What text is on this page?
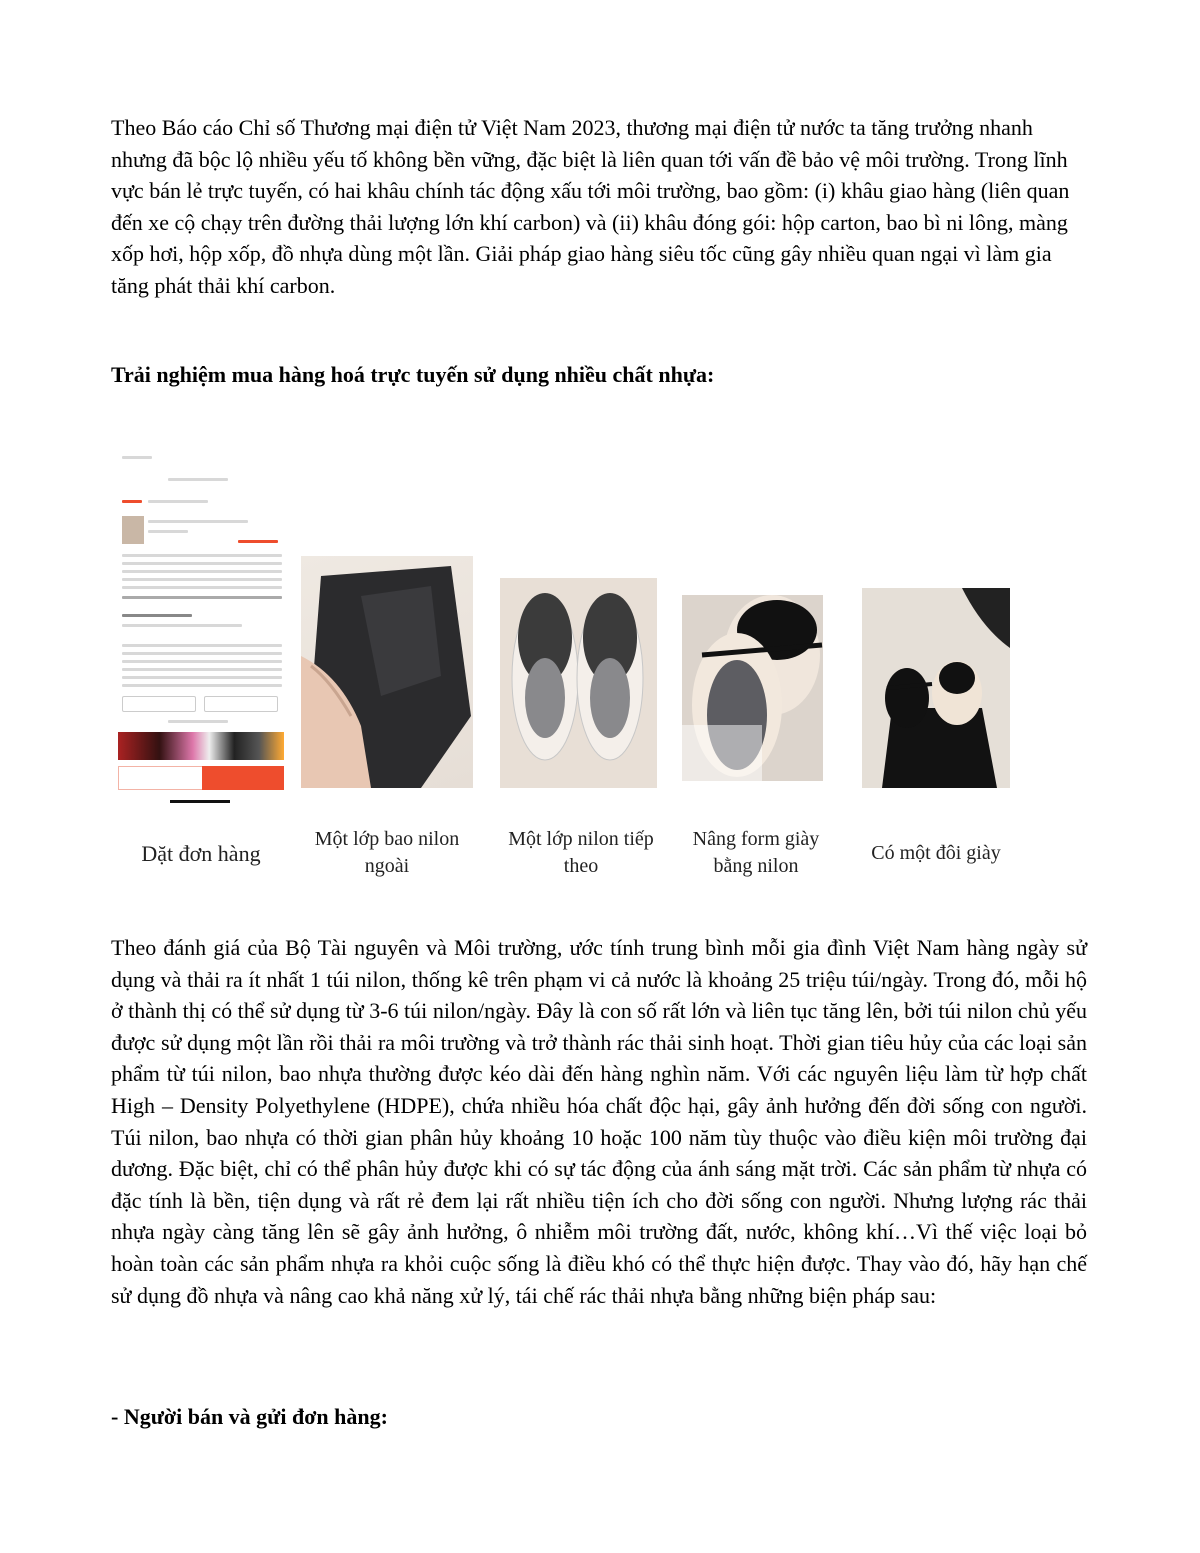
Theo Báo cáo Chỉ số Thương mại điện tử Việt Nam 2023, thương mại điện tử nước ta tăng trưởng nhanh nhưng đã bộc lộ nhiều yếu tố không bền vững, đặc biệt là liên quan tới vấn đề bảo vệ môi trường. Trong lĩnh vực bán lẻ trực tuyến, có hai khâu chính tác động xấu tới môi trường, bao gồm: (i) khâu giao hàng (liên quan đến xe cộ chạy trên đường thải lượng lớn khí carbon) và (ii) khâu đóng gói: hộp carton, bao bì ni lông, màng xốp hơi, hộp xốp, đồ nhựa dùng một lần. Giải pháp giao hàng siêu tốc cũng gây nhiều quan ngại vì làm gia tăng phát thải khí carbon.

Trải nghiệm mua hàng hoá trực tuyến sử dụng nhiều chất nhựa:

Dặt đơn hàng
Một lớp bao nilon ngoài
Một lớp nilon tiếp theo
Nâng form giày bằng nilon
Có một đôi giày

Theo đánh giá của Bộ Tài nguyên và Môi trường, ước tính trung bình mỗi gia đình Việt Nam hàng ngày sử dụng và thải ra ít nhất 1 túi nilon, thống kê trên phạm vi cả nước là khoảng 25 triệu túi/ngày. Trong đó, mỗi hộ ở thành thị có thể sử dụng từ 3-6 túi nilon/ngày. Đây là con số rất lớn và liên tục tăng lên, bởi túi nilon chủ yếu được sử dụng một lần rồi thải ra môi trường và trở thành rác thải sinh hoạt. Thời gian tiêu hủy của các loại sản phẩm từ túi nilon, bao nhựa thường được kéo dài đến hàng nghìn năm. Với các nguyên liệu làm từ hợp chất High – Density Polyethylene (HDPE), chứa nhiều hóa chất độc hại, gây ảnh hưởng đến đời sống con người. Túi nilon, bao nhựa có thời gian phân hủy khoảng 10 hoặc 100 năm tùy thuộc vào điều kiện môi trường đại dương. Đặc biệt, chỉ có thể phân hủy được khi có sự tác động của ánh sáng mặt trời. Các sản phẩm từ nhựa có đặc tính là bền, tiện dụng và rất rẻ đem lại rất nhiều tiện ích cho đời sống con người. Nhưng lượng rác thải nhựa ngày càng tăng lên sẽ gây ảnh hưởng, ô nhiễm môi trường đất, nước, không khí…Vì thế việc loại bỏ hoàn toàn các sản phẩm nhựa ra khỏi cuộc sống là điều khó có thể thực hiện được. Thay vào đó, hãy hạn chế sử dụng đồ nhựa và nâng cao khả năng xử lý, tái chế rác thải nhựa bằng những biện pháp sau:

- Người bán và gửi đơn hàng:
